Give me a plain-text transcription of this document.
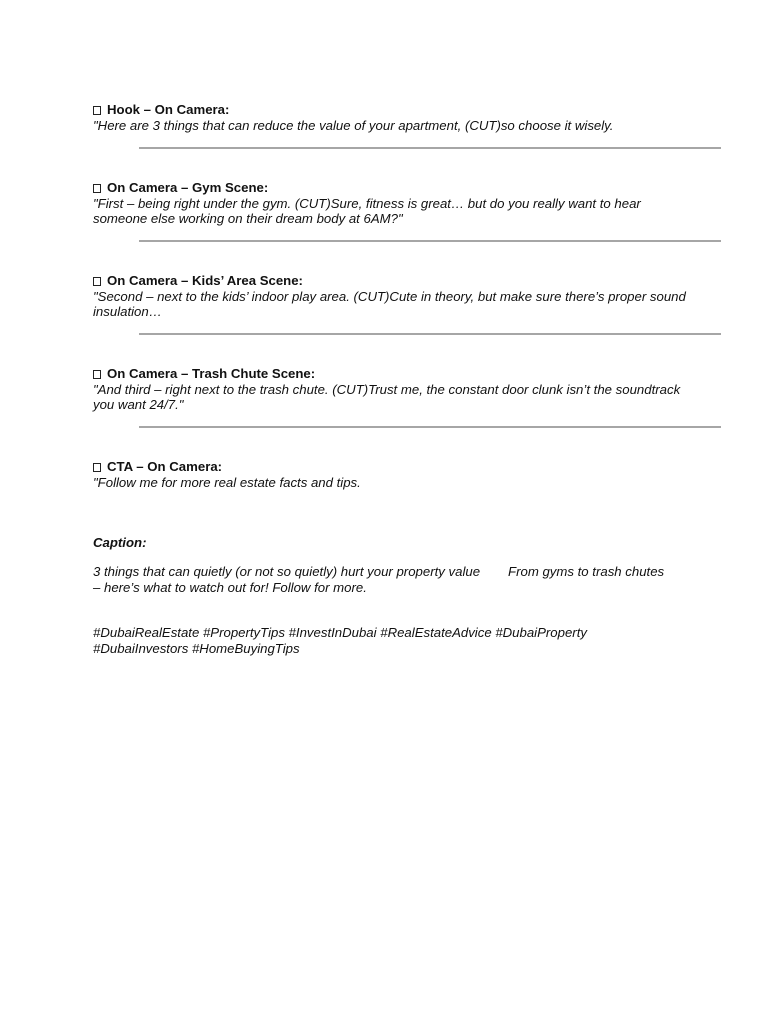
Hook – On Camera:
"Here are 3 things that can reduce the value of your apartment, (CUT)so choose it wisely.
On Camera – Gym Scene:
"First – being right under the gym. (CUT)Sure, fitness is great… but do you really want to hear someone else working on their dream body at 6AM?"
On Camera – Kids’ Area Scene:
"Second – next to the kids’ indoor play area. (CUT)Cute in theory, but make sure there’s proper sound insulation…
On Camera – Trash Chute Scene:
"And third – right next to the trash chute. (CUT)Trust me, the constant door clunk isn’t the soundtrack you want 24/7."
CTA – On Camera:
"Follow me for more real estate facts and tips.
Caption:
3 things that can quietly (or not so quietly) hurt your property value From gyms to trash chutes – here’s what to watch out for! Follow for more.
#DubaiRealEstate #PropertyTips #InvestInDubai #RealEstateAdvice #DubaiProperty #DubaiInvestors #HomeBuyingTips
